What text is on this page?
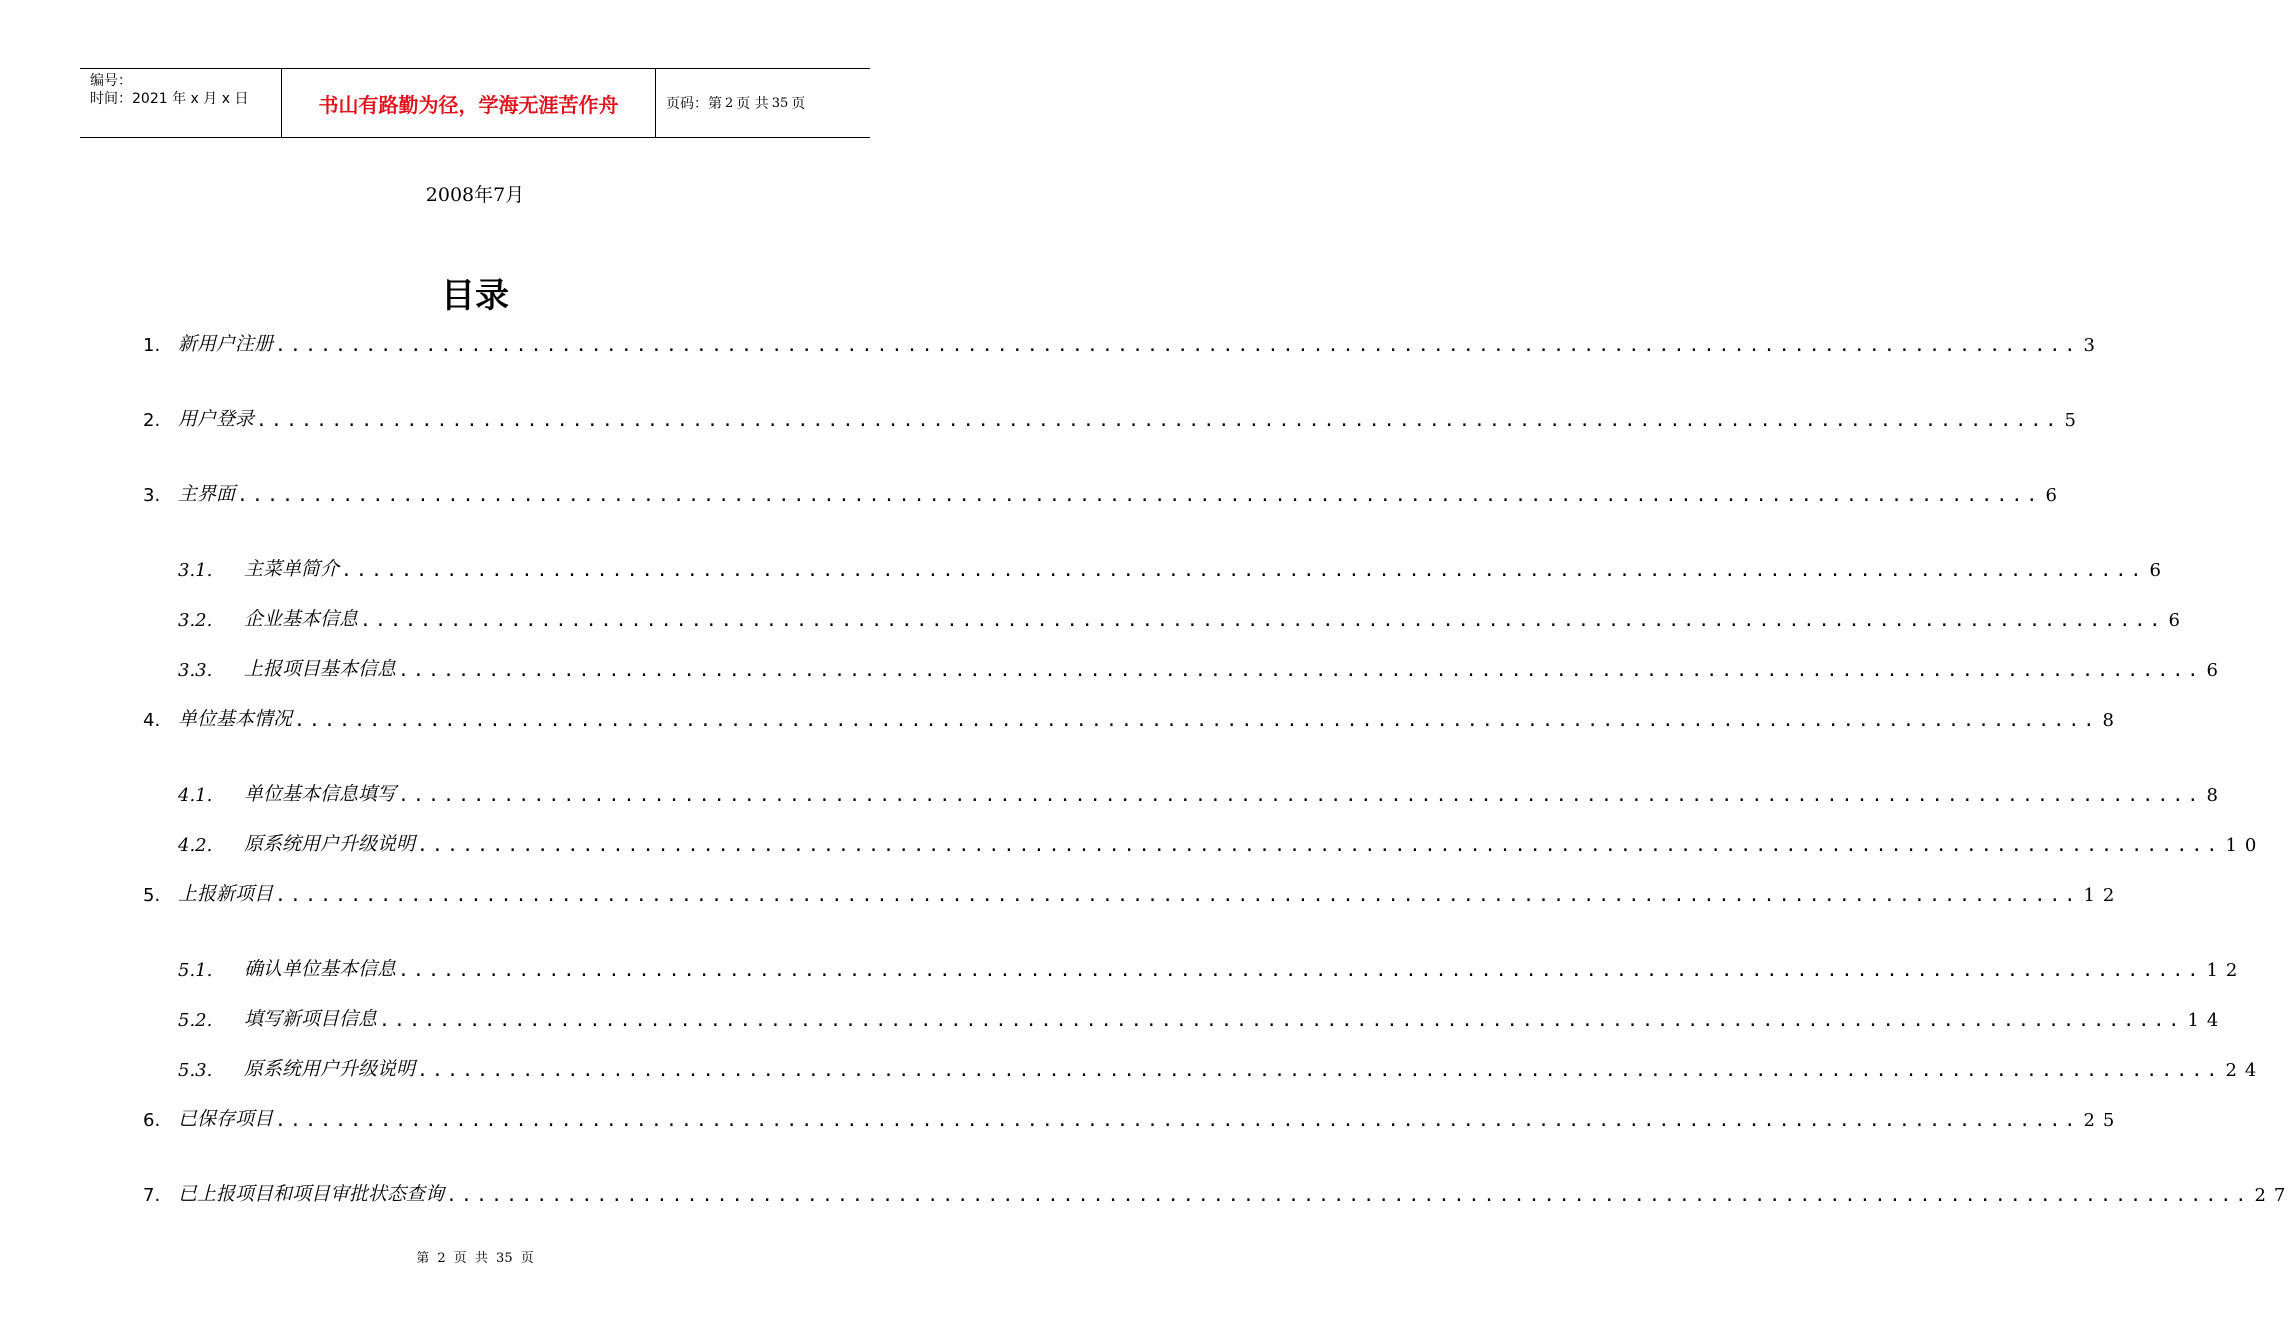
编号：
时间：2021 年 x 月 x 日	书山有路勤为径，学海无涯苦作舟	页码：第 2 页 共 35 页
2008年7月
目录
1. 新用户注册 ........................................................................................................................ 3
2. 用户登录 ........................................................................................................................ 5
3. 主界面 ........................................................................................................................ 6
3.1.	主菜单简介 ........................................................................................................................ 6
3.2.	企业基本信息 ........................................................................................................................ 6
3.3.	上报项目基本信息 ........................................................................................................................ 6
4. 单位基本情况 ........................................................................................................................ 8
4.1.	单位基本信息填写 ........................................................................................................................ 8
4.2.	原系统用户升级说明 ........................................................................................................................ 10
5. 上报新项目 ........................................................................................................................ 12
5.1.	确认单位基本信息 ........................................................................................................................ 12
5.2.	填写新项目信息 ........................................................................................................................ 14
5.3.	原系统用户升级说明 ........................................................................................................................ 24
6. 已保存项目 ........................................................................................................................ 25
7. 已上报项目和项目审批状态查询 ........................................................................................................................ 27
第 2 页 共 35 页
